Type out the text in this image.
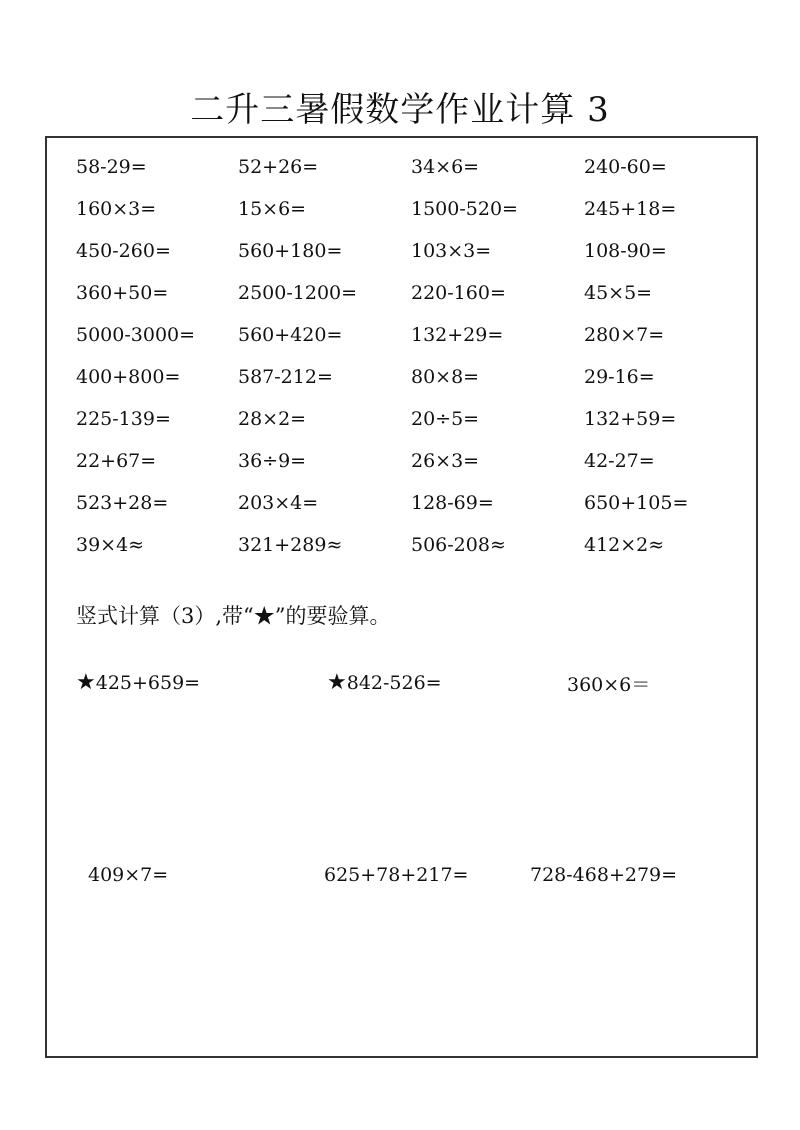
二升三暑假数学作业计算 3
58-29=	52+26=	34×6=	240-60=
160×3=	15×6=	1500-520=	245+18=
450-260=	560+180=	103×3=	108-90=
360+50=	2500-1200=	220-160=	45×5=
5000-3000=	560+420=	132+29=	280×7=
400+800=	587-212=	80×8=	29-16=
225-139=	28×2=	20÷5=	132+59=
22+67=	36÷9=	26×3=	42-27=
523+28=	203×4=	128-69=	650+105=
39×4≈	321+289≈	506-208≈	412×2≈
竖式计算（3）,带“★”的要验算。
★425+659=	★842-526=	360×6＝
409×7=	625+78+217=	728-468+279=
